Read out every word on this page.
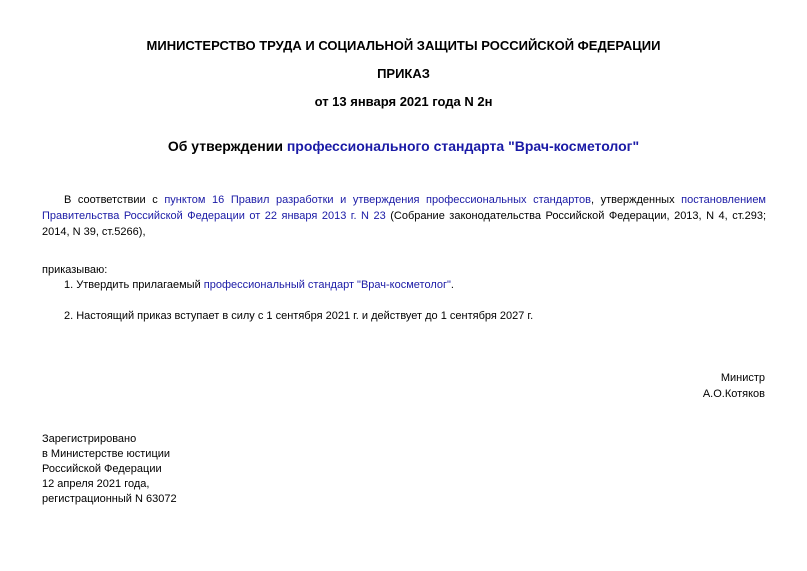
МИНИСТЕРСТВО ТРУДА И СОЦИАЛЬНОЙ ЗАЩИТЫ РОССИЙСКОЙ ФЕДЕРАЦИИ

ПРИКАЗ

от 13 января 2021 года N 2н

Об утверждении профессионального стандарта "Врач-косметолог"

В соответствии с пунктом 16 Правил разработки и утверждения профессиональных стандартов, утвержденных постановлением Правительства Российской Федерации от 22 января 2013 г. N 23 (Собрание законодательства Российской Федерации, 2013, N 4, ст.293; 2014, N 39, ст.5266),

приказываю:

1. Утвердить прилагаемый профессиональный стандарт "Врач-косметолог".

2. Настоящий приказ вступает в силу с 1 сентября 2021 г. и действует до 1 сентября 2027 г.

Министр

А.О.Котяков

Зарегистрировано
в Министерстве юстиции
Российской Федерации
12 апреля 2021 года,
регистрационный N 63072
